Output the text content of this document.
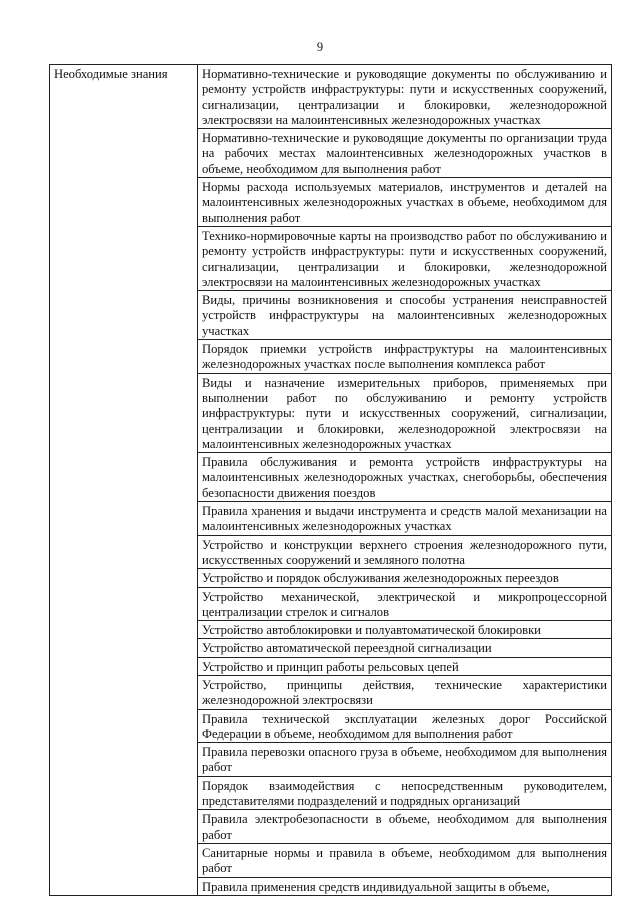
9
Необходимые знания	Нормативно-технические и руководящие документы по обслуживанию и ремонту устройств инфраструктуры: пути и искусственных сооружений, сигнализации, централизации и блокировки, железнодорожной электросвязи на малоинтенсивных железнодорожных участках
Нормативно-технические и руководящие документы по организации труда на рабочих местах малоинтенсивных железнодорожных участков в объеме, необходимом для выполнения работ
Нормы расхода используемых материалов, инструментов и деталей на малоинтенсивных железнодорожных участках в объеме, необходимом для выполнения работ
Технико-нормировочные карты на производство работ по обслуживанию и ремонту устройств инфраструктуры: пути и искусственных сооружений, сигнализации, централизации и блокировки, железнодорожной электросвязи на малоинтенсивных железнодорожных участках
Виды, причины возникновения и способы устранения неисправностей устройств инфраструктуры на малоинтенсивных железнодорожных участках
Порядок приемки устройств инфраструктуры на малоинтенсивных железнодорожных участках после выполнения комплекса работ
Виды и назначение измерительных приборов, применяемых при выполнении работ по обслуживанию и ремонту устройств инфраструктуры: пути и искусственных сооружений, сигнализации, централизации и блокировки, железнодорожной электросвязи на малоинтенсивных железнодорожных участках
Правила обслуживания и ремонта устройств инфраструктуры на малоинтенсивных железнодорожных участках, снегоборьбы, обеспечения безопасности движения поездов
Правила хранения и выдачи инструмента и средств малой механизации на малоинтенсивных железнодорожных участках
Устройство и конструкции верхнего строения железнодорожного пути, искусственных сооружений и земляного полотна
Устройство и порядок обслуживания железнодорожных переездов
Устройство механической, электрической и микропроцессорной централизации стрелок и сигналов
Устройство автоблокировки и полуавтоматической блокировки
Устройство автоматической переездной сигнализации
Устройство и принцип работы рельсовых цепей
Устройство, принципы действия, технические характеристики железнодорожной электросвязи
Правила технической эксплуатации железных дорог Российской Федерации в объеме, необходимом для выполнения работ
Правила перевозки опасного груза в объеме, необходимом для выполнения работ
Порядок взаимодействия с непосредственным руководителем, представителями подразделений и подрядных организаций
Правила электробезопасности в объеме, необходимом для выполнения работ
Санитарные нормы и правила в объеме, необходимом для выполнения работ
Правила применения средств индивидуальной защиты в объеме,
